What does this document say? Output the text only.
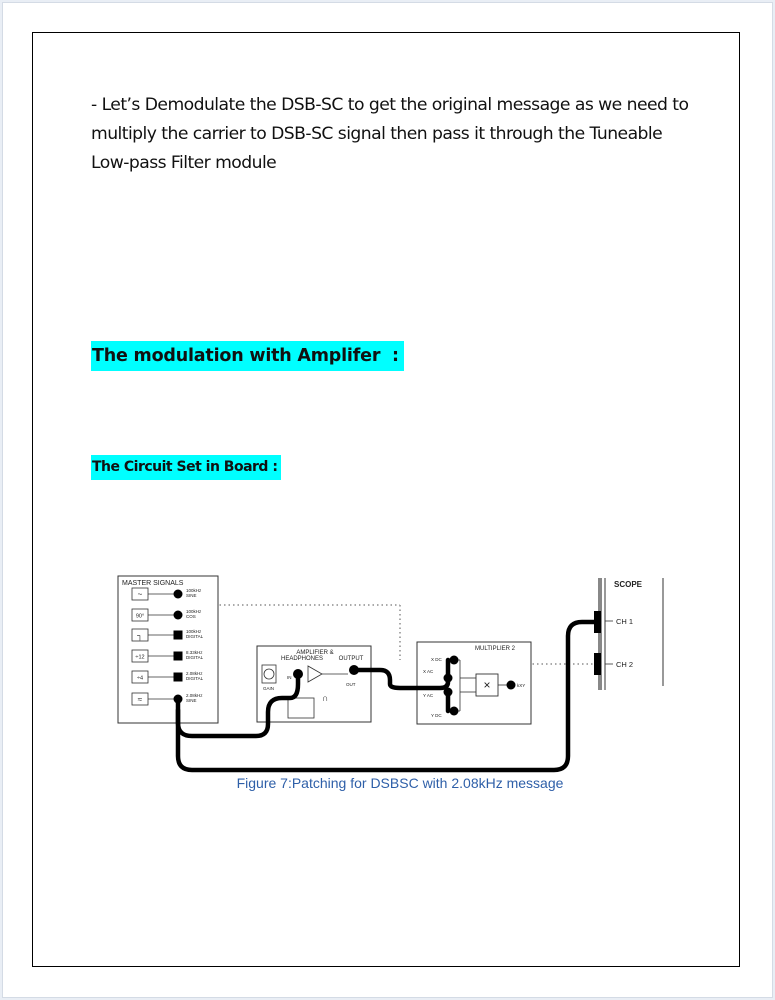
- Let’s Demodulate the DSB-SC to get the original message as we need to multiply the carrier to DSB-SC signal then pass it through the Tuneable Low-pass Filter module

The modulation with Amplifer  :
The Circuit Set in Board :
MASTER SIGNALS
~	100kHz
SINE
90°
100kHz
COS
┐	100kHz
DIGITAL
÷12
8.33kHz
DIGITAL
÷4
2.08kHz
DIGITAL
≈	2.08kHz
SINE
AMPLIFIER &
HEADPHONES	OUTPUT
GAIN
IN
OUT
∩
MULTIPLIER 2
X DC
X AC
Y AC
Y DC
×	kXY
SCOPE
CH 1
CH 2
Figure 7:Patching for DSBSC with 2.08kHz message
